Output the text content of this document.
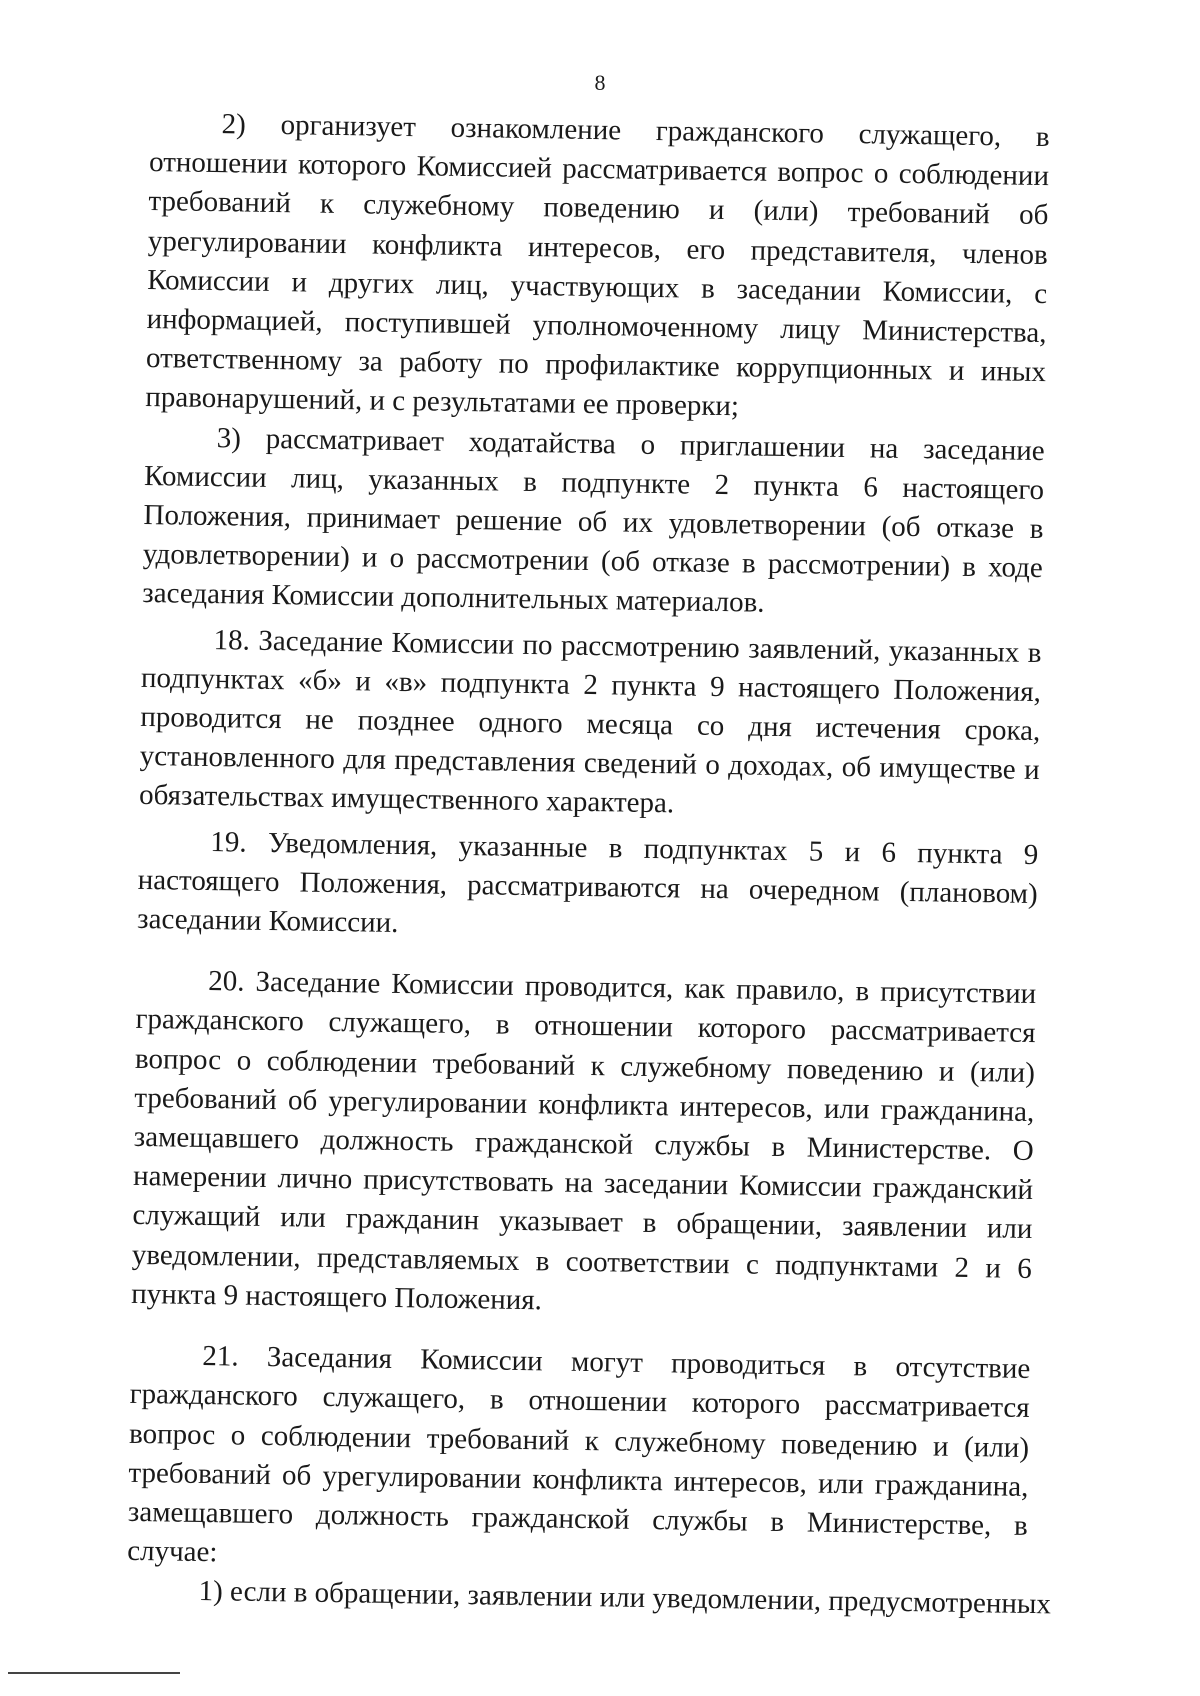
8

2) организует ознакомление гражданского служащего, в отношении которого Комиссией рассматривается вопрос о соблюдении требований к служебному поведению и (или) требований об урегулировании конфликта интересов, его представителя, членов Комиссии и других лиц, участвующих в заседании Комиссии, с информацией, поступившей уполномоченному лицу Министерства, ответственному за работу по профилактике коррупционных и иных правонарушений, и с результатами ее проверки;

3) рассматривает ходатайства о приглашении на заседание Комиссии лиц, указанных в подпункте 2 пункта 6 настоящего Положения, принимает решение об их удовлетворении (об отказе в удовлетворении) и о рассмотрении (об отказе в рассмотрении) в ходе заседания Комиссии дополнительных материалов.

18. Заседание Комиссии по рассмотрению заявлений, указанных в подпунктах «б» и «в» подпункта 2 пункта 9 настоящего Положения, проводится не позднее одного месяца со дня истечения срока, установленного для представления сведений о доходах, об имуществе и обязательствах имущественного характера.

19. Уведомления, указанные в подпунктах 5 и 6 пункта 9 настоящего Положения, рассматриваются на очередном (плановом) заседании Комиссии.

20. Заседание Комиссии проводится, как правило, в присутствии гражданского служащего, в отношении которого рассматривается вопрос о соблюдении требований к служебному поведению и (или) требований об урегулировании конфликта интересов, или гражданина, замещавшего должность гражданской службы в Министерстве. О намерении лично присутствовать на заседании Комиссии гражданский служащий или гражданин указывает в обращении, заявлении или уведомлении, представляемых в соответствии с подпунктами 2 и 6 пункта 9 настоящего Положения.

21. Заседания Комиссии могут проводиться в отсутствие гражданского служащего, в отношении которого рассматривается вопрос о соблюдении требований к служебному поведению и (или) требований об урегулировании конфликта интересов, или гражданина, замещавшего должность гражданской службы в Министерстве, в случае:

1) если в обращении, заявлении или уведомлении, предусмотренных
